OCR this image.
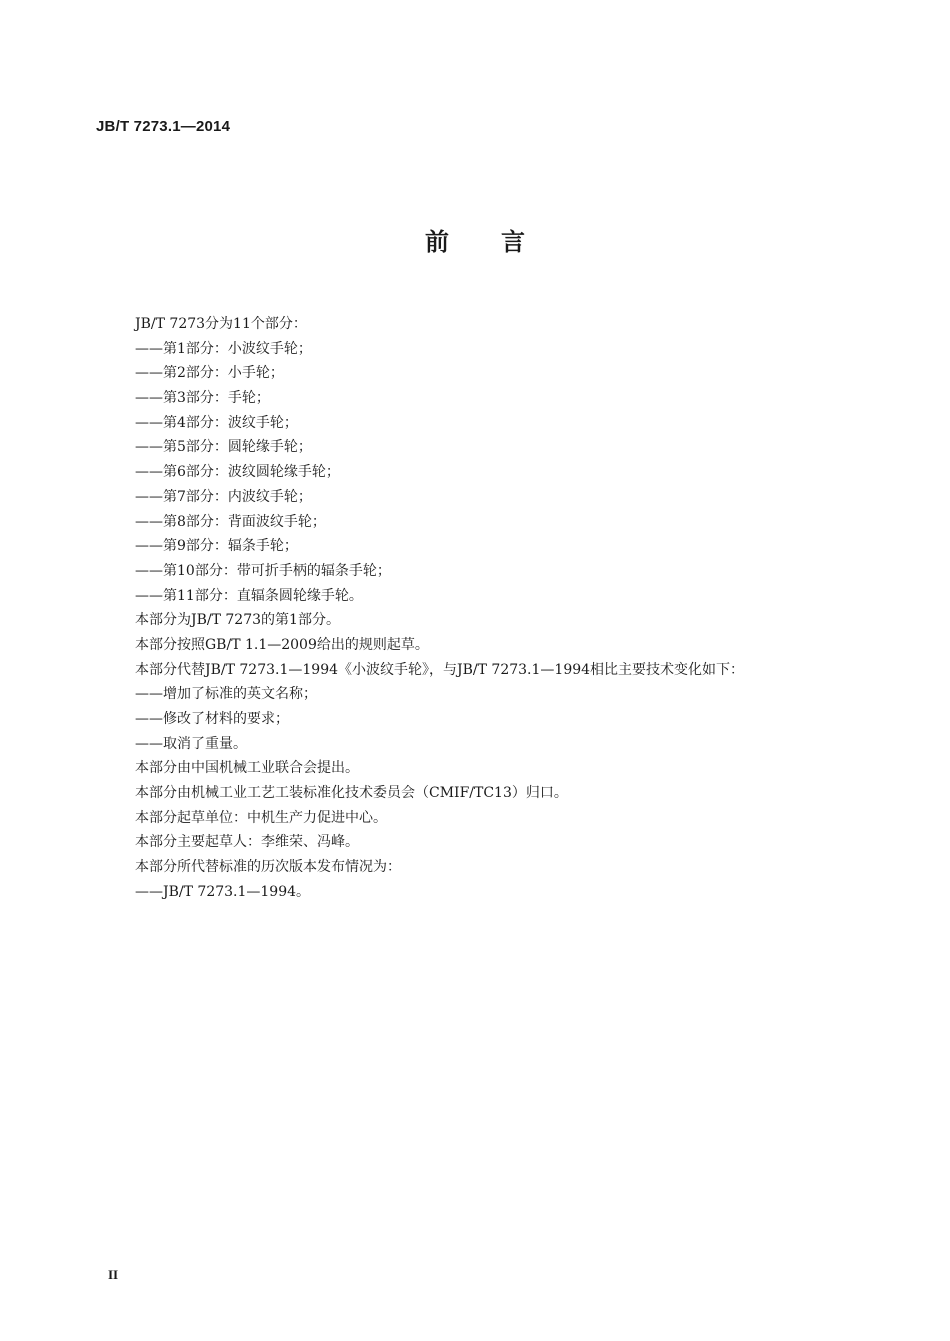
JB/T 7273.1—2014
前 言
JB/T 7273分为11个部分：
——第1部分：小波纹手轮；
——第2部分：小手轮；
——第3部分：手轮；
——第4部分：波纹手轮；
——第5部分：圆轮缘手轮；
——第6部分：波纹圆轮缘手轮；
——第7部分：内波纹手轮；
——第8部分：背面波纹手轮；
——第9部分：辐条手轮；
——第10部分：带可折手柄的辐条手轮；
——第11部分：直辐条圆轮缘手轮。
本部分为JB/T 7273的第1部分。
本部分按照GB/T 1.1—2009给出的规则起草。
本部分代替JB/T 7273.1—1994《小波纹手轮》，与JB/T 7273.1—1994相比主要技术变化如下：
——增加了标准的英文名称；
——修改了材料的要求；
——取消了重量。
本部分由中国机械工业联合会提出。
本部分由机械工业工艺工装标准化技术委员会（CMIF/TC13）归口。
本部分起草单位：中机生产力促进中心。
本部分主要起草人：李维荣、冯峰。
本部分所代替标准的历次版本发布情况为：
——JB/T 7273.1—1994。
II
